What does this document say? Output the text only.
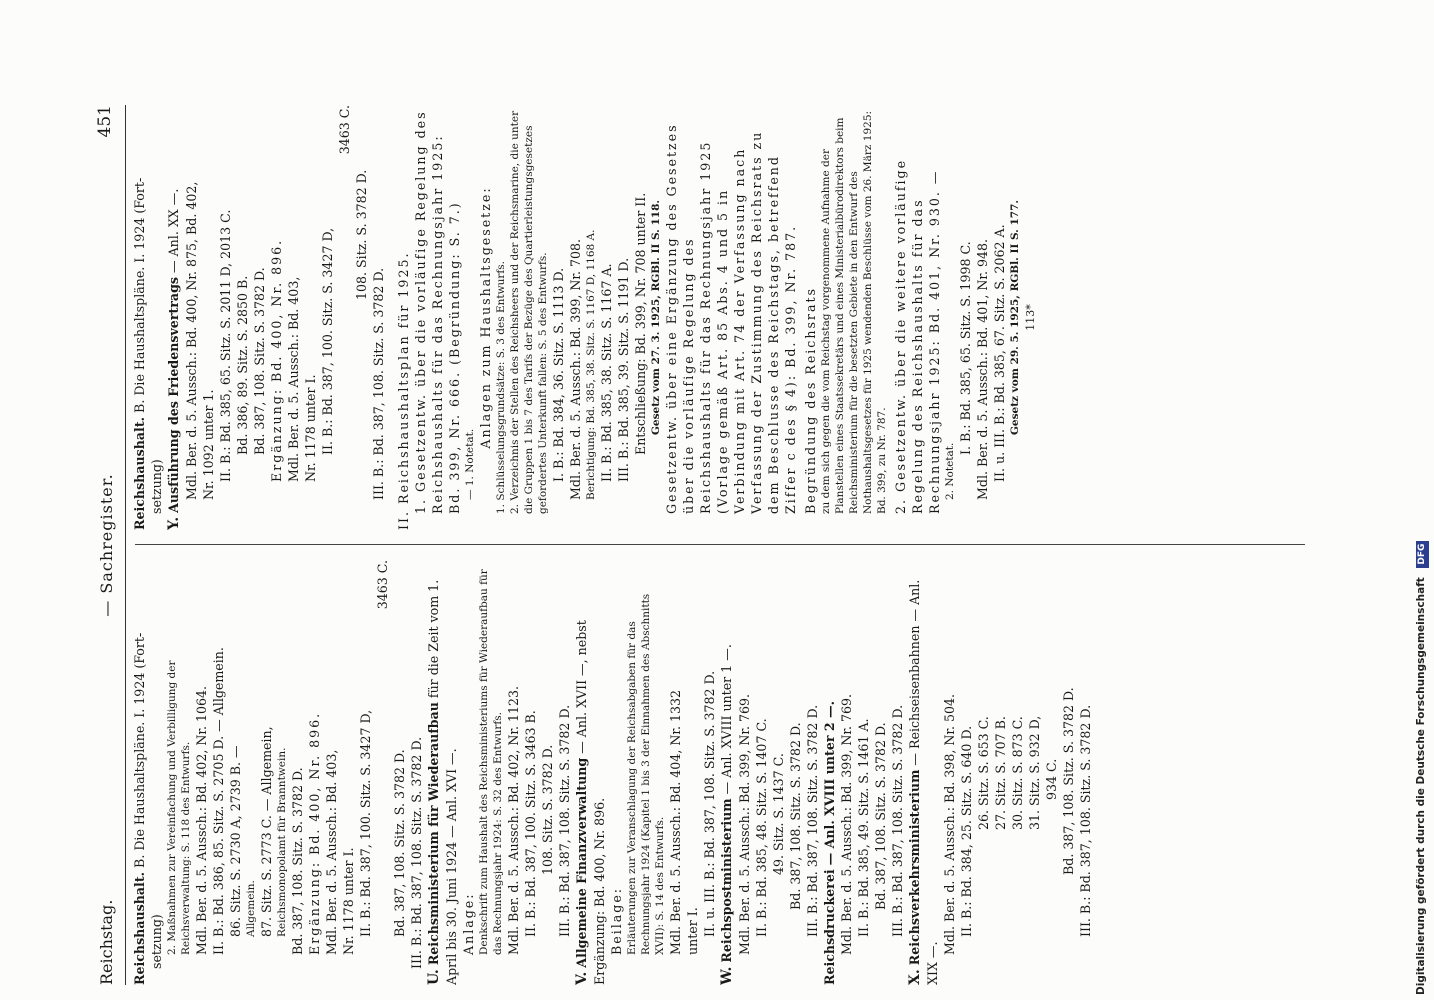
Reichstag.
— Sachregister.
451
Reichshaushalt. B. Die Haushaltspläne. I. 1924 (Fort-
setzung) 2. Maßnahmen zur Vereinfachung und Verbilligung der Reichsverwaltung: S. 118 des Entwurfs. Mdl. Ber. d. 5. Aussch.: Bd. 402, Nr. 1064. II. B.: Bd. 386, 85. Sitz. S. 2705 D. — Allgemein. 86. Sitz. S. 2730 A, 2739 B. — Allgemein. 87. Sitz. S. 2773 C. — Allgemein, Reichsmonopolamt für Branntwein. Bd. 387, 108. Sitz. S. 3782 D. Ergänzung: Bd. 400, Nr. 896. Mdl. Ber. d. 5. Aussch.: Bd. 403, Nr. 1178 unter I. II. B.: Bd. 387, 100. Sitz. S. 3427 D,
3463 C.
Bd. 387, 108. Sitz. S. 3782 D. III. B.: Bd. 387, 108. Sitz. S. 3782 D.
U. Reichsministerium für Wiederaufbau für die Zeit vom 1. April bis 30. Juni 1924 — Anl. XVI —. Anlage: Denkschrift zum Haushalt des Reichsministeriums für Wiederaufbau für das Rechnungsjahr 1924: S. 32 des Entwurfs. Mdl. Ber. d. 5. Aussch.: Bd. 402, Nr. 1123. II. B.: Bd. 387, 100. Sitz. S. 3463 B. 108. Sitz. S. 3782 D. III. B.: Bd. 387, 108. Sitz. S. 3782 D.
V. Allgemeine Finanzverwaltung — Anl. XVII —, nebst Ergänzung: Bd. 400, Nr. 896. Beilage: Erläuterungen zur Veranschlagung der Reichsabgaben für das Rechnungsjahr 1924 (Kapitel 1 bis 3 der Einnahmen des Abschnitts XVII): S. 14 des Entwurfs. Mdl. Ber. d. 5. Aussch.: Bd. 404, Nr. 1332 unter I. II. u. III. B.: Bd. 387, 108. Sitz. S. 3782 D.
W. Reichspostministerium — Anl. XVIII unter 1 —. Mdl. Ber. d. 5. Aussch.: Bd. 399, Nr. 769. II. B.: Bd. 385, 48. Sitz. S. 1407 C. 49. Sitz. S. 1437 C. Bd. 387, 108. Sitz. S. 3782 D. III. B.: Bd. 387, 108. Sitz. S. 3782 D. Reichsdruckerei — Anl. XVIII unter 2 —. Mdl. Ber. d. 5. Aussch.: Bd. 399, Nr. 769. II. B.: Bd. 385, 49. Sitz. S. 1461 A. Bd. 387, 108. Sitz. S. 3782 D. III. B.: Bd. 387, 108. Sitz. S. 3782 D.
X. Reichsverkehrsministerium — Reichseisenbahnen — Anl. XIX —.
Mdl. Ber. d. 5. Aussch.: Bd. 398, Nr. 504. II. B.: Bd. 384, 25. Sitz. S. 640 D. 26. Sitz. S. 653 C. 27. Sitz. S. 707 B. 30. Sitz. S. 873 C. 31. Sitz. S. 932 D, 934 C. Bd. 387, 108. Sitz. S. 3782 D. III. B.: Bd. 387, 108. Sitz. S. 3782 D.
Reichshaushalt. B. Die Haushaltspläne. I. 1924 (Fort-
setzung)
Y. Ausführung des Friedensvertrags — Anl. XX —. Mdl. Ber. d. 5. Aussch.: Bd. 400, Nr. 875, Bd. 402, Nr. 1092 unter 1. II. B.: Bd. 385, 65. Sitz. S. 2011 D, 2013 C. Bd. 386, 89. Sitz. S. 2850 B. Bd. 387, 108. Sitz. S. 3782 D. Ergänzung: Bd. 400, Nr. 896. Mdl. Ber. d. 5. Aussch.: Bd. 403, Nr. 1178 unter I. II. B.: Bd. 387, 100. Sitz. S. 3427 D,
3463 C.
108. Sitz. S. 3782 D.
III. B.: Bd. 387, 108. Sitz. S. 3782 D. II. Reichshaushaltsplan für 1925. 1. Gesetzentw. über die vorläufige Regelung des Reichshaushalts für das Rechnungsjahr 1925: Bd. 399, Nr. 666. (Begründung: S. 7.) — 1. Notetat.
Anlagen zum Haushaltsgesetze: 1. Schlüsselungsgrundsätze: S. 3 des Entwurfs. 2. Verzeichnis der Stellen des Reichsheers und der Reichsmarine, die unter die Gruppen 1 bis 7 des Tarifs der Bezüge des Quartierleistungsgesetzes gefordertes Unterkunft fallen: S. 5 des Entwurfs. I. B.: Bd. 384, 36. Sitz. S. 1113 D. Mdl. Ber. d. 5. Aussch.: Bd. 399, Nr. 708. Berichtigung: Bd. 385, 38. Sitz. S. 1167 D, 1168 A. II. B.: Bd. 385, 38. Sitz. S. 1167 A. III. B.: Bd. 385, 39. Sitz. S. 1191 D. Entschließung: Bd. 399, Nr. 708 unter II. Gesetz vom 27. 3. 1925, RGBl. II S. 118. Gesetzentw. über eine Ergänzung des Gesetzes über die vorläufige Regelung des Reichshaushalts für das Rechnungsjahr 1925 (Vorlage gemäß Art. 85 Abs. 4 und 5 in Verbindung mit Art. 74 der Verfassung nach Verfassung der Zustimmung des Reichsrats zu dem Beschlusse des Reichstags, betreffend Ziffer c des § 4): Bd. 399, Nr. 787. Begründung des Reichsrats zu dem sich gegen die vom Reichstag vorgenommene Aufnahme der Planstellen eines Staatssekretärs und eines Ministerialbürodirektors beim Reichsministerium für die besetzten Gebiete in den Entwurf des Nothaushaltsgesetzes für 1925 wendenden Beschlüsse vom 26. März 1925: Bd. 399, zu Nr. 787. 2. Gesetzentw. über die weitere vorläufige Regelung des Reichshaushalts für das Rechnungsjahr 1925: Bd. 401, Nr. 930. — 2. Notetat.
I. B.: Bd. 385, 65. Sitz. S. 1998 C. Mdl. Ber. d. 5. Aussch.: Bd. 401, Nr. 948. II. u. III. B.: Bd. 385, 67. Sitz. S. 2062 A. Gesetz vom 29. 5. 1925, RGBl. II S. 177. 113*
Digitalisierung gefördert durch die Deutsche Forschungsgemeinschaft DFG
